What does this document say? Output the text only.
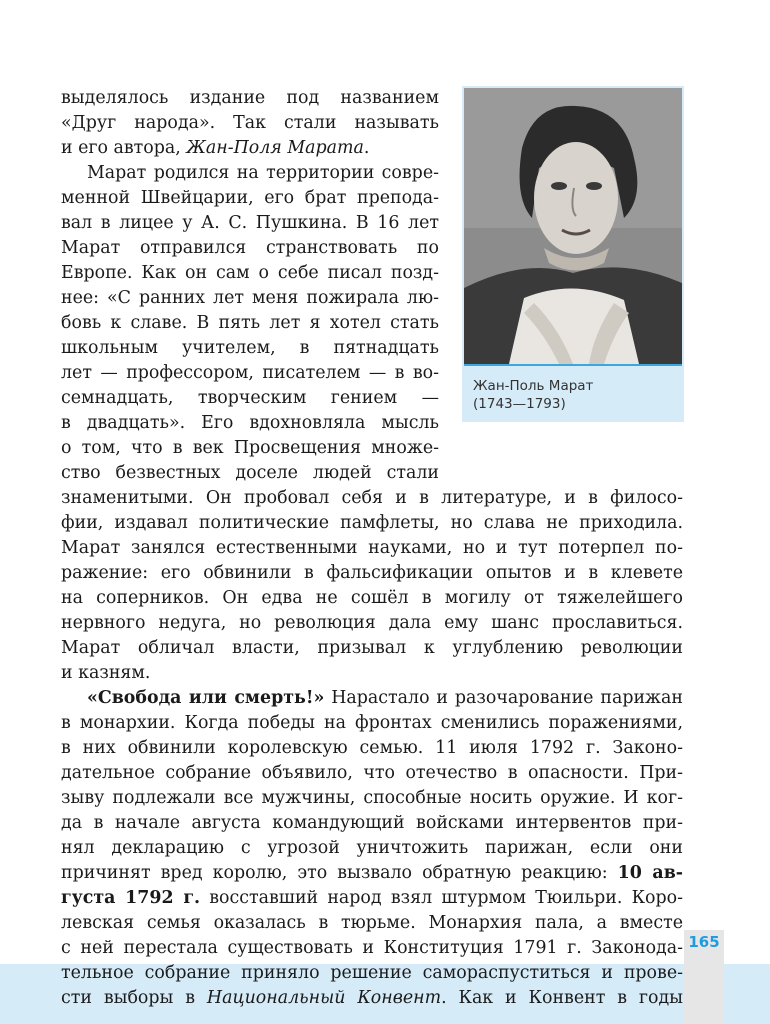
Жан-Поль Марат
(1743—1793)
выделялось издание под названием
«Друг народа». Так стали называть
и его автора, Жан-Поля Марата.
Марат родился на территории совре-
менной Швейцарии, его брат препода-
вал в лицее у А. С. Пушкина. В 16 лет
Марат отправился странствовать по
Европе. Как он сам о себе писал позд-
нее: «С ранних лет меня пожирала лю-
бовь к славе. В пять лет я хотел стать
школьным учителем, в пятнадцать
лет — профессором, писателем — в во-
семнадцать, творческим гением —
в двадцать». Его вдохновляла мысль
о том, что в век Просвещения множе-
ство безвестных доселе людей стали
знаменитыми. Он пробовал себя и в литературе, и в филосо-
фии, издавал политические памфлеты, но слава не приходила.
Марат занялся естественными науками, но и тут потерпел по-
ражение: его обвинили в фальсификации опытов и в клевете
на соперников. Он едва не сошёл в могилу от тяжелейшего
нервного недуга, но революция дала ему шанс прославиться.
Марат обличал власти, призывал к углублению революции
и казням.
«Свобода или смерть!» Нарастало и разочарование парижан
в монархии. Когда победы на фронтах сменились поражениями,
в них обвинили королевскую семью. 11 июля 1792 г. Законо-
дательное собрание объявило, что отечество в опасности. При-
зыву подлежали все мужчины, способные носить оружие. И ког-
да в начале августа командующий войсками интервентов при-
нял декларацию с угрозой уничтожить парижан, если они
причинят вред королю, это вызвало обратную реакцию: 10 ав-
густа 1792 г. восставший народ взял штурмом Тюильри. Коро-
левская семья оказалась в тюрьме. Монархия пала, а вместе
с ней перестала существовать и Конституция 1791 г. Законода-
тельное собрание приняло решение самораспуститься и прове-
сти выборы в Национальный Конвент. Как и Конвент в годы
165
